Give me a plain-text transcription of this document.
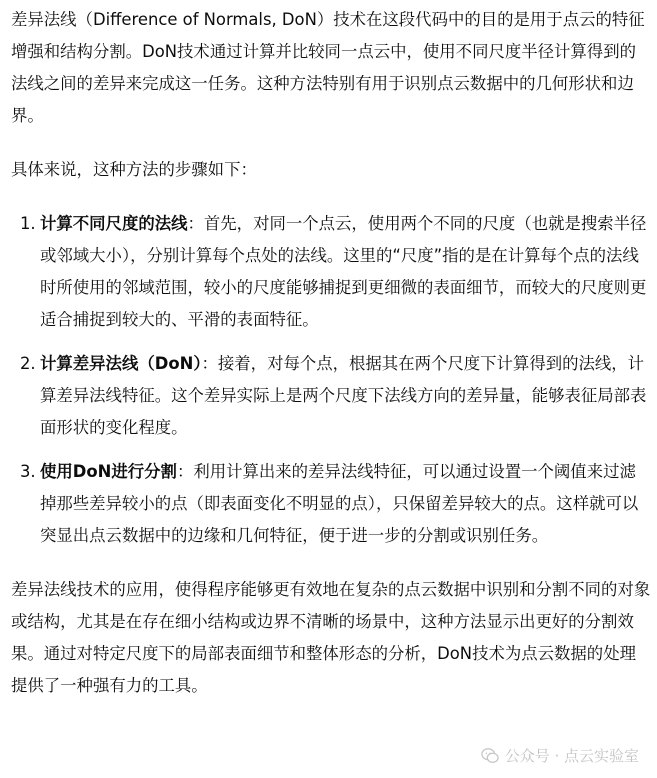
差异法线（Difference of Normals, DoN）技术在这段代码中的目的是用于点云的特征增强和结构分割。DoN技术通过计算并比较同一点云中，使用不同尺度半径计算得到的法线之间的差异来完成这一任务。这种方法特别有用于识别点云数据中的几何形状和边界。

具体来说，这种方法的步骤如下：

1. 计算不同尺度的法线：首先，对同一个点云，使用两个不同的尺度（也就是搜索半径或邻域大小），分别计算每个点处的法线。这里的“尺度”指的是在计算每个点的法线时所使用的邻域范围，较小的尺度能够捕捉到更细微的表面细节，而较大的尺度则更适合捕捉到较大的、平滑的表面特征。
2. 计算差异法线（DoN）：接着，对每个点，根据其在两个尺度下计算得到的法线，计算差异法线特征。这个差异实际上是两个尺度下法线方向的差异量，能够表征局部表面形状的变化程度。
3. 使用DoN进行分割：利用计算出来的差异法线特征，可以通过设置一个阈值来过滤掉那些差异较小的点（即表面变化不明显的点），只保留差异较大的点。这样就可以突显出点云数据中的边缘和几何特征，便于进一步的分割或识别任务。

差异法线技术的应用，使得程序能够更有效地在复杂的点云数据中识别和分割不同的对象或结构，尤其是在存在细小结构或边界不清晰的场景中，这种方法显示出更好的分割效果。通过对特定尺度下的局部表面细节和整体形态的分析，DoN技术为点云数据的处理提供了一种强有力的工具。

公众号 · 点云实验室
